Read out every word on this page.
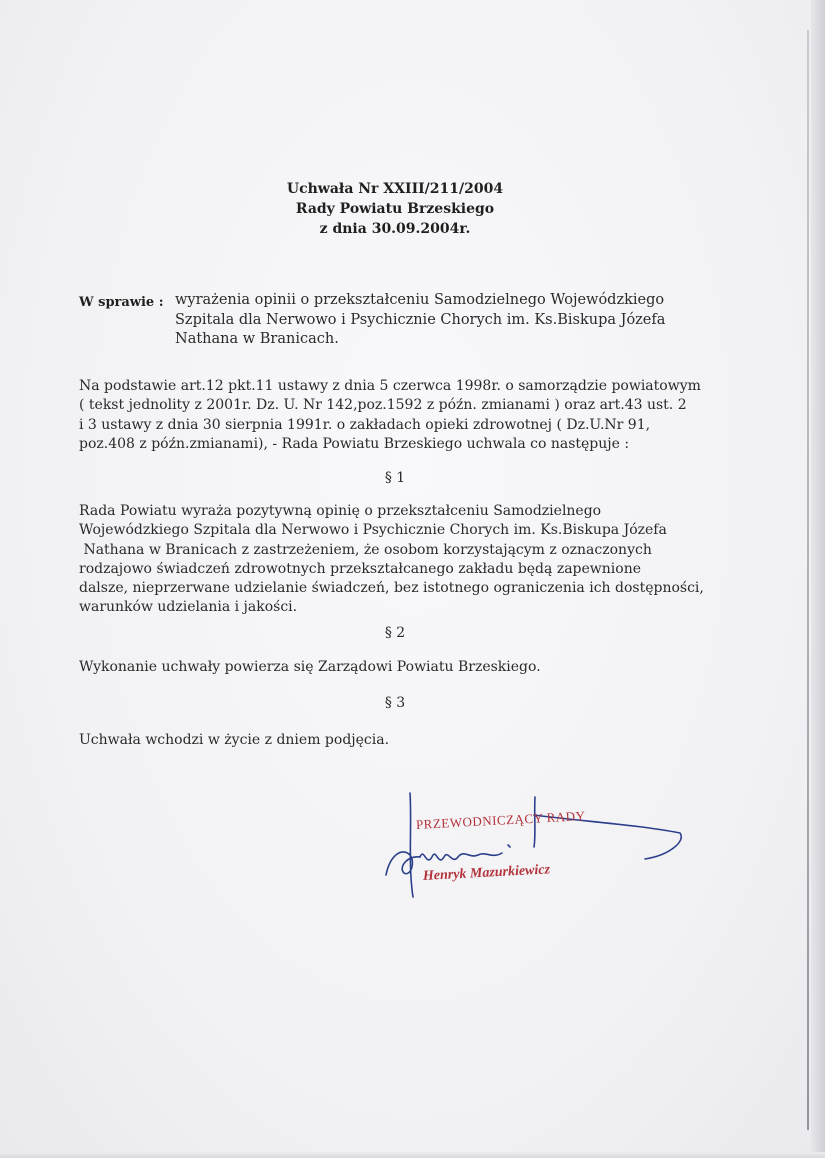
Uchwała Nr XXIII/211/2004
Rady Powiatu Brzeskiego
z dnia 30.09.2004r.
W sprawie : wyrażenia opinii o przekształceniu Samodzielnego Wojewódzkiego
Szpitala dla Nerwowo i Psychicznie Chorych im. Ks.Biskupa Józefa
Nathana w Branicach.
Na podstawie art.12 pkt.11 ustawy z dnia 5 czerwca 1998r. o samorządzie powiatowym
( tekst jednolity z 2001r. Dz. U. Nr 142,poz.1592 z późn. zmianami ) oraz art.43 ust. 2
i 3 ustawy z dnia 30 sierpnia 1991r. o zakładach opieki zdrowotnej ( Dz.U.Nr 91,
poz.408 z późn.zmianami), - Rada Powiatu Brzeskiego uchwala co następuje :
§ 1
Rada Powiatu wyraża pozytywną opinię o przekształceniu Samodzielnego
Wojewódzkiego Szpitala dla Nerwowo i Psychicznie Chorych im. Ks.Biskupa Józefa
Nathana w Branicach z zastrzeżeniem, że osobom korzystającym z oznaczonych
rodzajowo świadczeń zdrowotnych przekształcanego zakładu będą zapewnione
dalsze, nieprzerwane udzielanie świadczeń, bez istotnego ograniczenia ich dostępności,
warunków udzielania i jakości.
§ 2
Wykonanie uchwały powierza się Zarządowi Powiatu Brzeskiego.
§ 3
Uchwała wchodzi w życie z dniem podjęcia.
PRZEWODNICZĄCY RADY
Henryk Mazurkiewicz
